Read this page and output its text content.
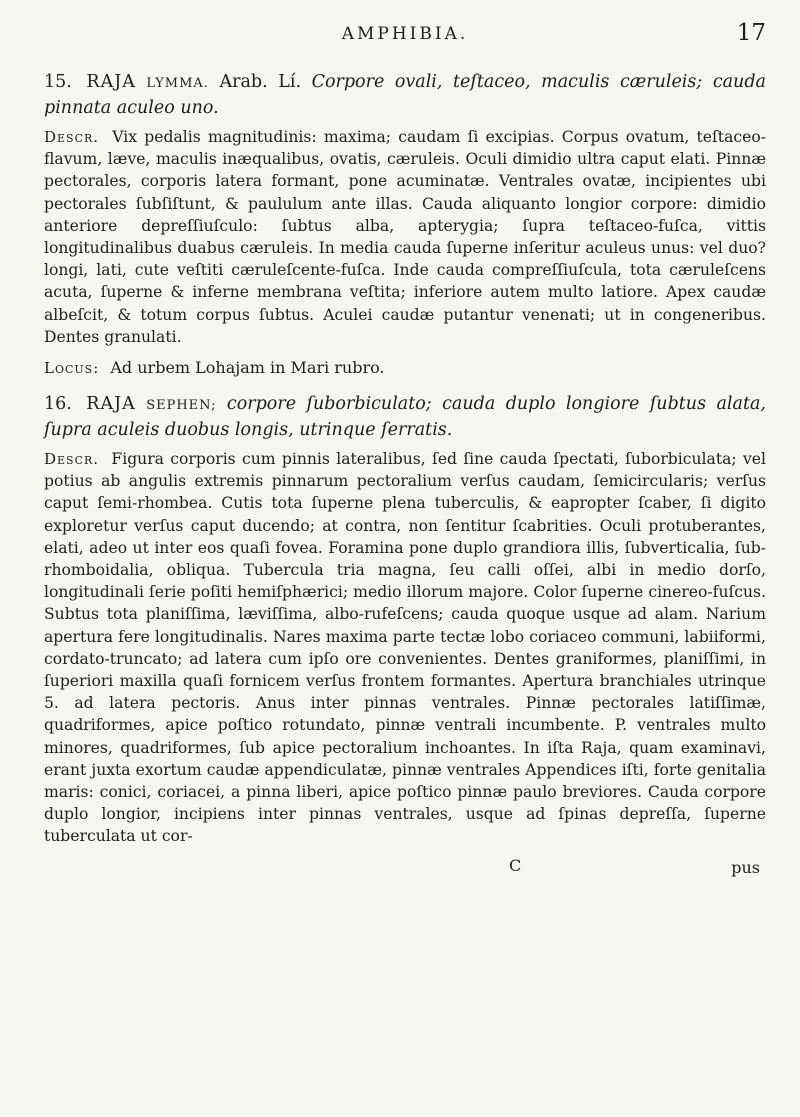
AMPHIBIA.	17
15. RAJA LYMMA. Arab. Lí. Corpore ovali, teſtaceo, maculis cæruleis; cauda pinnata aculeo uno.

Descr. Vix pedalis magnitudinis: maxima; caudam ſi excipias. Corpus ovatum, teſtaceo-flavum, læve, maculis inæqualibus, ovatis, cæruleis. Oculi dimidio ultra caput elati. Pinnæ pectorales, corporis latera formant, pone acuminatæ. Ventrales ovatæ, incipientes ubi pectorales ſubſiſtunt, & paululum ante illas. Cauda aliquanto longior corpore: dimidio anteriore depreſſiuſculo: ſubtus alba, apterygia; ſupra teſtaceo-fuſca, vittis longitudinalibus duabus cæruleis. In media cauda ſuperne inſeritur aculeus unus: vel duo? longi, lati, cute veſtiti cæruleſcente-fuſca. Inde cauda compreſſiuſcula, tota cæruleſcens acuta, ſuperne & inferne membrana veſtita; inferiore autem multo latiore. Apex caudæ albeſcit, & totum corpus ſubtus. Aculei caudæ putantur venenati; ut in congeneribus. Dentes granulati.

Locus: Ad urbem Lohajam in Mari rubro.

16. RAJA SEPHEN; corpore ſuborbiculato; cauda duplo longiore ſubtus alata, ſupra aculeis duobus longis, utrinque ſerratis.

Descr. Figura corporis cum pinnis lateralibus, ſed ſine cauda ſpectati, ſuborbiculata; vel potius ab angulis extremis pinnarum pectoralium verſus caudam, ſemicircularis; verſus caput ſemi-rhombea. Cutis tota ſuperne plena tuberculis, & eapropter ſcaber, ſi digito exploretur verſus caput ducendo; at contra, non ſentitur ſcabrities. Oculi protuberantes, elati, adeo ut inter eos quaſi fovea. Foramina pone duplo grandiora illis, ſubverticalia, ſub-rhomboidalia, obliqua. Tubercula tria magna, ſeu calli oſſei, albi in medio dorſo, longitudinali ſerie poſiti hemiſphærici; medio illorum majore. Color ſuperne cinereo-fuſcus. Subtus tota planiſſima, læviſſima, albo-rufeſcens; cauda quoque usque ad alam. Narium apertura fere longitudinalis. Nares maxima parte tectæ lobo coriaceo communi, labiiformi, cordato-truncato; ad latera cum ipſo ore convenientes. Dentes graniformes, planiſſimi, in ſuperiori maxilla quaſi fornicem verſus frontem formantes. Apertura branchiales utrinque 5. ad latera pectoris. Anus inter pinnas ventrales. Pinnæ pectorales latiſſimæ, quadriformes, apice poſtico rotundato, pinnæ ventrali incumbente. P. ventrales multo minores, quadriformes, ſub apice pectoralium inchoantes. In iſta Raja, quam examinavi, erant juxta exortum caudæ appendiculatæ, pinnæ ventrales Appendices iſti, forte genitalia maris: conici, coriacei, a pinna liberi, apice poſtico pinnæ paulo breviores. Cauda corpore duplo longior, incipiens inter pinnas ventrales, usque ad ſpinas depreſſa, ſuperne tuberculata ut cor-

C	pus
